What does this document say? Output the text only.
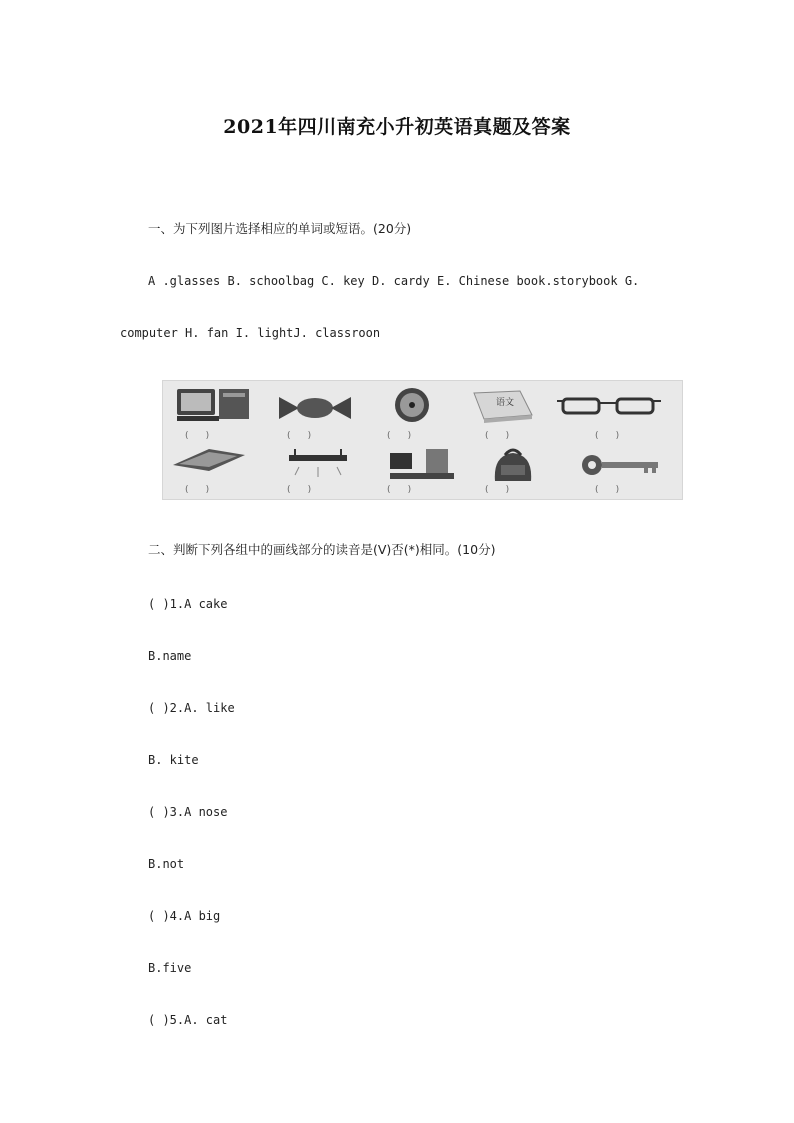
2021年四川南充小升初英语真题及答案
一、为下列图片选择相应的单词或短语。(20分)
A .glasses B. schoolbag C. key D. cardy E. Chinese book.storybook G.
computer H. fan I. lightJ. classroon
语文
(      )	(      )	(      )	(      )	(      )
(      )	(      )	(      )	(      )	(      )
二、判断下列各组中的画线部分的读音是(V)否(*)相同。(10分)
( )1.A cake
B.name
( )2.A. like
B. kite
( )3.A nose
B.not
( )4.A big
B.five
( )5.A. cat
